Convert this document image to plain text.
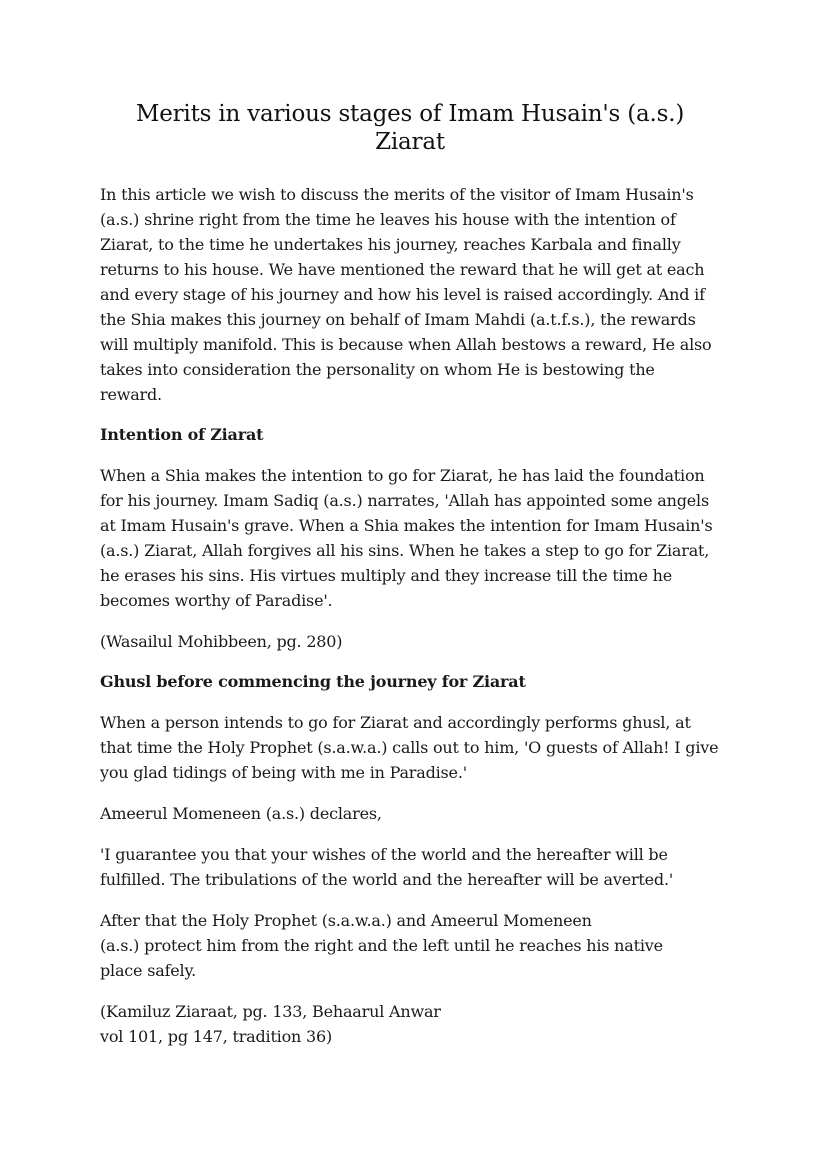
Merits in various stages of Imam Husain's (a.s.) Ziarat

In this article we wish to discuss the merits of the visitor of Imam Husain's (a.s.) shrine right from the time he leaves his house with the intention of Ziarat, to the time he undertakes his journey, reaches Karbala and finally returns to his house. We have mentioned the reward that he will get at each and every stage of his journey and how his level is raised accordingly. And if the Shia makes this journey on behalf of Imam Mahdi (a.t.f.s.), the rewards will multiply manifold. This is because when Allah bestows a reward, He also takes into consideration the personality on whom He is bestowing the reward.

Intention of Ziarat

When a Shia makes the intention to go for Ziarat, he has laid the foundation for his journey. Imam Sadiq (a.s.) narrates, 'Allah has appointed some angels at Imam Husain's grave. When a Shia makes the intention for Imam Husain's (a.s.) Ziarat, Allah forgives all his sins. When he takes a step to go for Ziarat, he erases his sins. His virtues multiply and they increase till the time he becomes worthy of Paradise'.

(Wasailul Mohibbeen, pg. 280)

Ghusl before commencing the journey for Ziarat

When a person intends to go for Ziarat and accordingly performs ghusl, at that time the Holy Prophet (s.a.w.a.) calls out to him, 'O guests of Allah! I give you glad tidings of being with me in Paradise.'

Ameerul Momeneen (a.s.) declares,

'I guarantee you that your wishes of the world and the hereafter will be fulfilled. The tribulations of the world and the hereafter will be averted.'

After that the Holy Prophet (s.a.w.a.) and Ameerul Momeneen
(a.s.) protect him from the right and the left until he reaches his native
place safely.

(Kamiluz Ziaraat, pg. 133, Behaarul Anwar
vol 101, pg 147, tradition 36)
